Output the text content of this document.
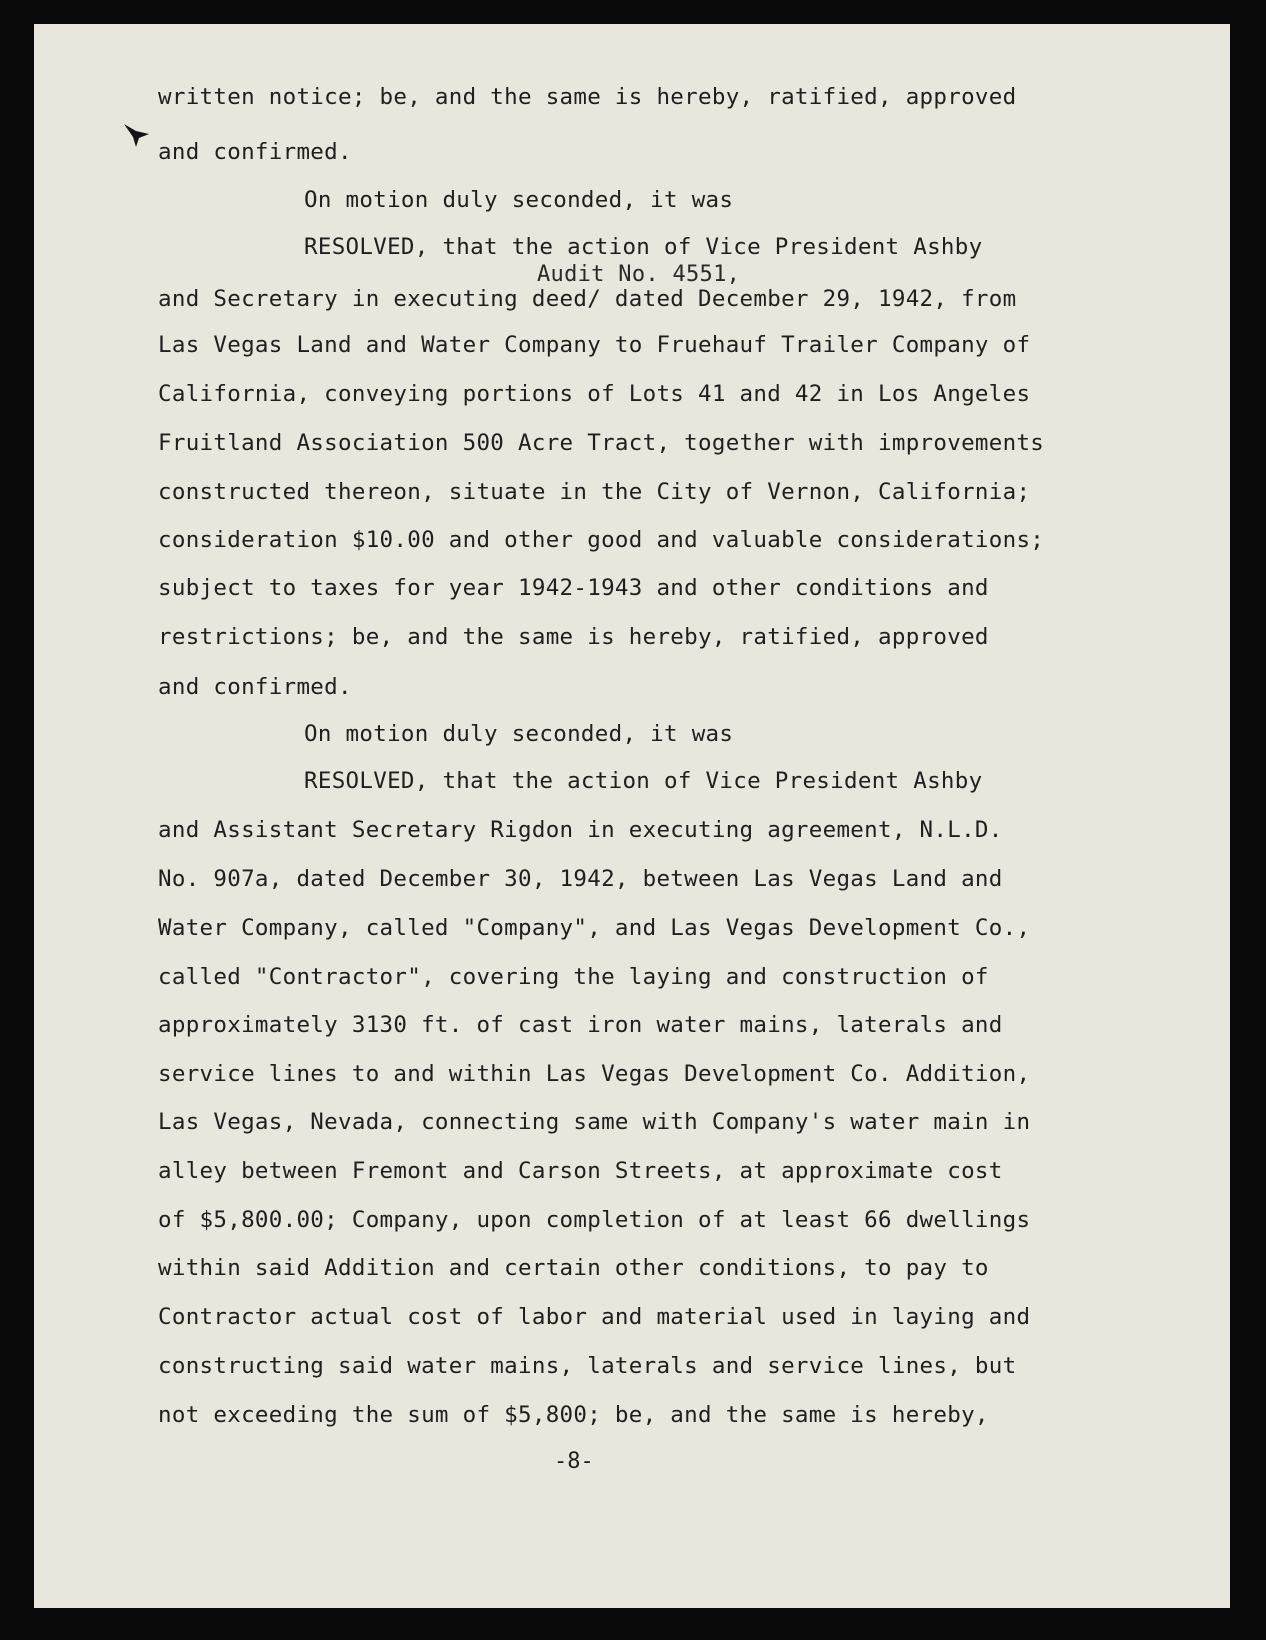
written notice; be, and the same is hereby, ratified, approved

and confirmed.

On motion duly seconded, it was

RESOLVED, that the action of Vice President Ashby

Audit No. 4551,

and Secretary in executing deed/ dated December 29, 1942, from

Las Vegas Land and Water Company to Fruehauf Trailer Company of

California, conveying portions of Lots 41 and 42 in Los Angeles

Fruitland Association 500 Acre Tract, together with improvements

constructed thereon, situate in the City of Vernon, California;

consideration $10.00 and other good and valuable considerations;

subject to taxes for year 1942-1943 and other conditions and

restrictions; be, and the same is hereby, ratified, approved

and confirmed.

On motion duly seconded, it was

RESOLVED, that the action of Vice President Ashby

and Assistant Secretary Rigdon in executing agreement, N.L.D.

No. 907a, dated December 30, 1942, between Las Vegas Land and

Water Company, called "Company", and Las Vegas Development Co.,

called "Contractor", covering the laying and construction of

approximately 3130 ft. of cast iron water mains, laterals and

service lines to and within Las Vegas Development Co. Addition,

Las Vegas, Nevada, connecting same with Company's water main in

alley between Fremont and Carson Streets, at approximate cost

of $5,800.00; Company, upon completion of at least 66 dwellings

within said Addition and certain other conditions, to pay to

Contractor actual cost of labor and material used in laying and

constructing said water mains, laterals and service lines, but

not exceeding the sum of $5,800; be, and the same is hereby,

-8-
